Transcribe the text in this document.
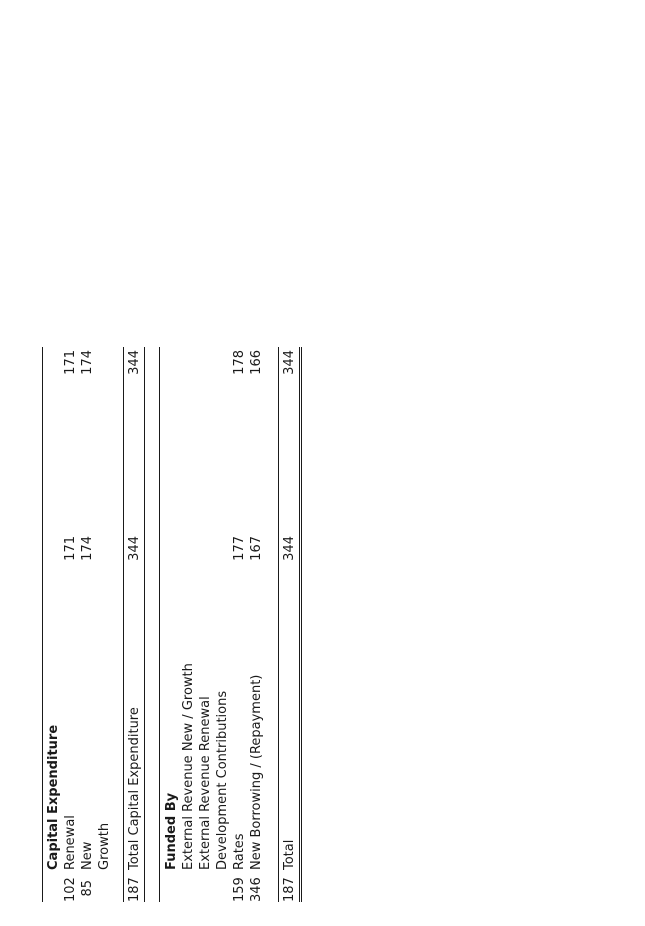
Capital Expenditure
102
Renewal
171
171
85
New
174
174
Growth
187
Total Capital Expenditure
344
344
Funded By External Revenue New / Growth External Revenue Renewal Development Contributions
159
Rates
177
178
346
New Borrowing / (Repayment)
167
166
187
Total
344
344
